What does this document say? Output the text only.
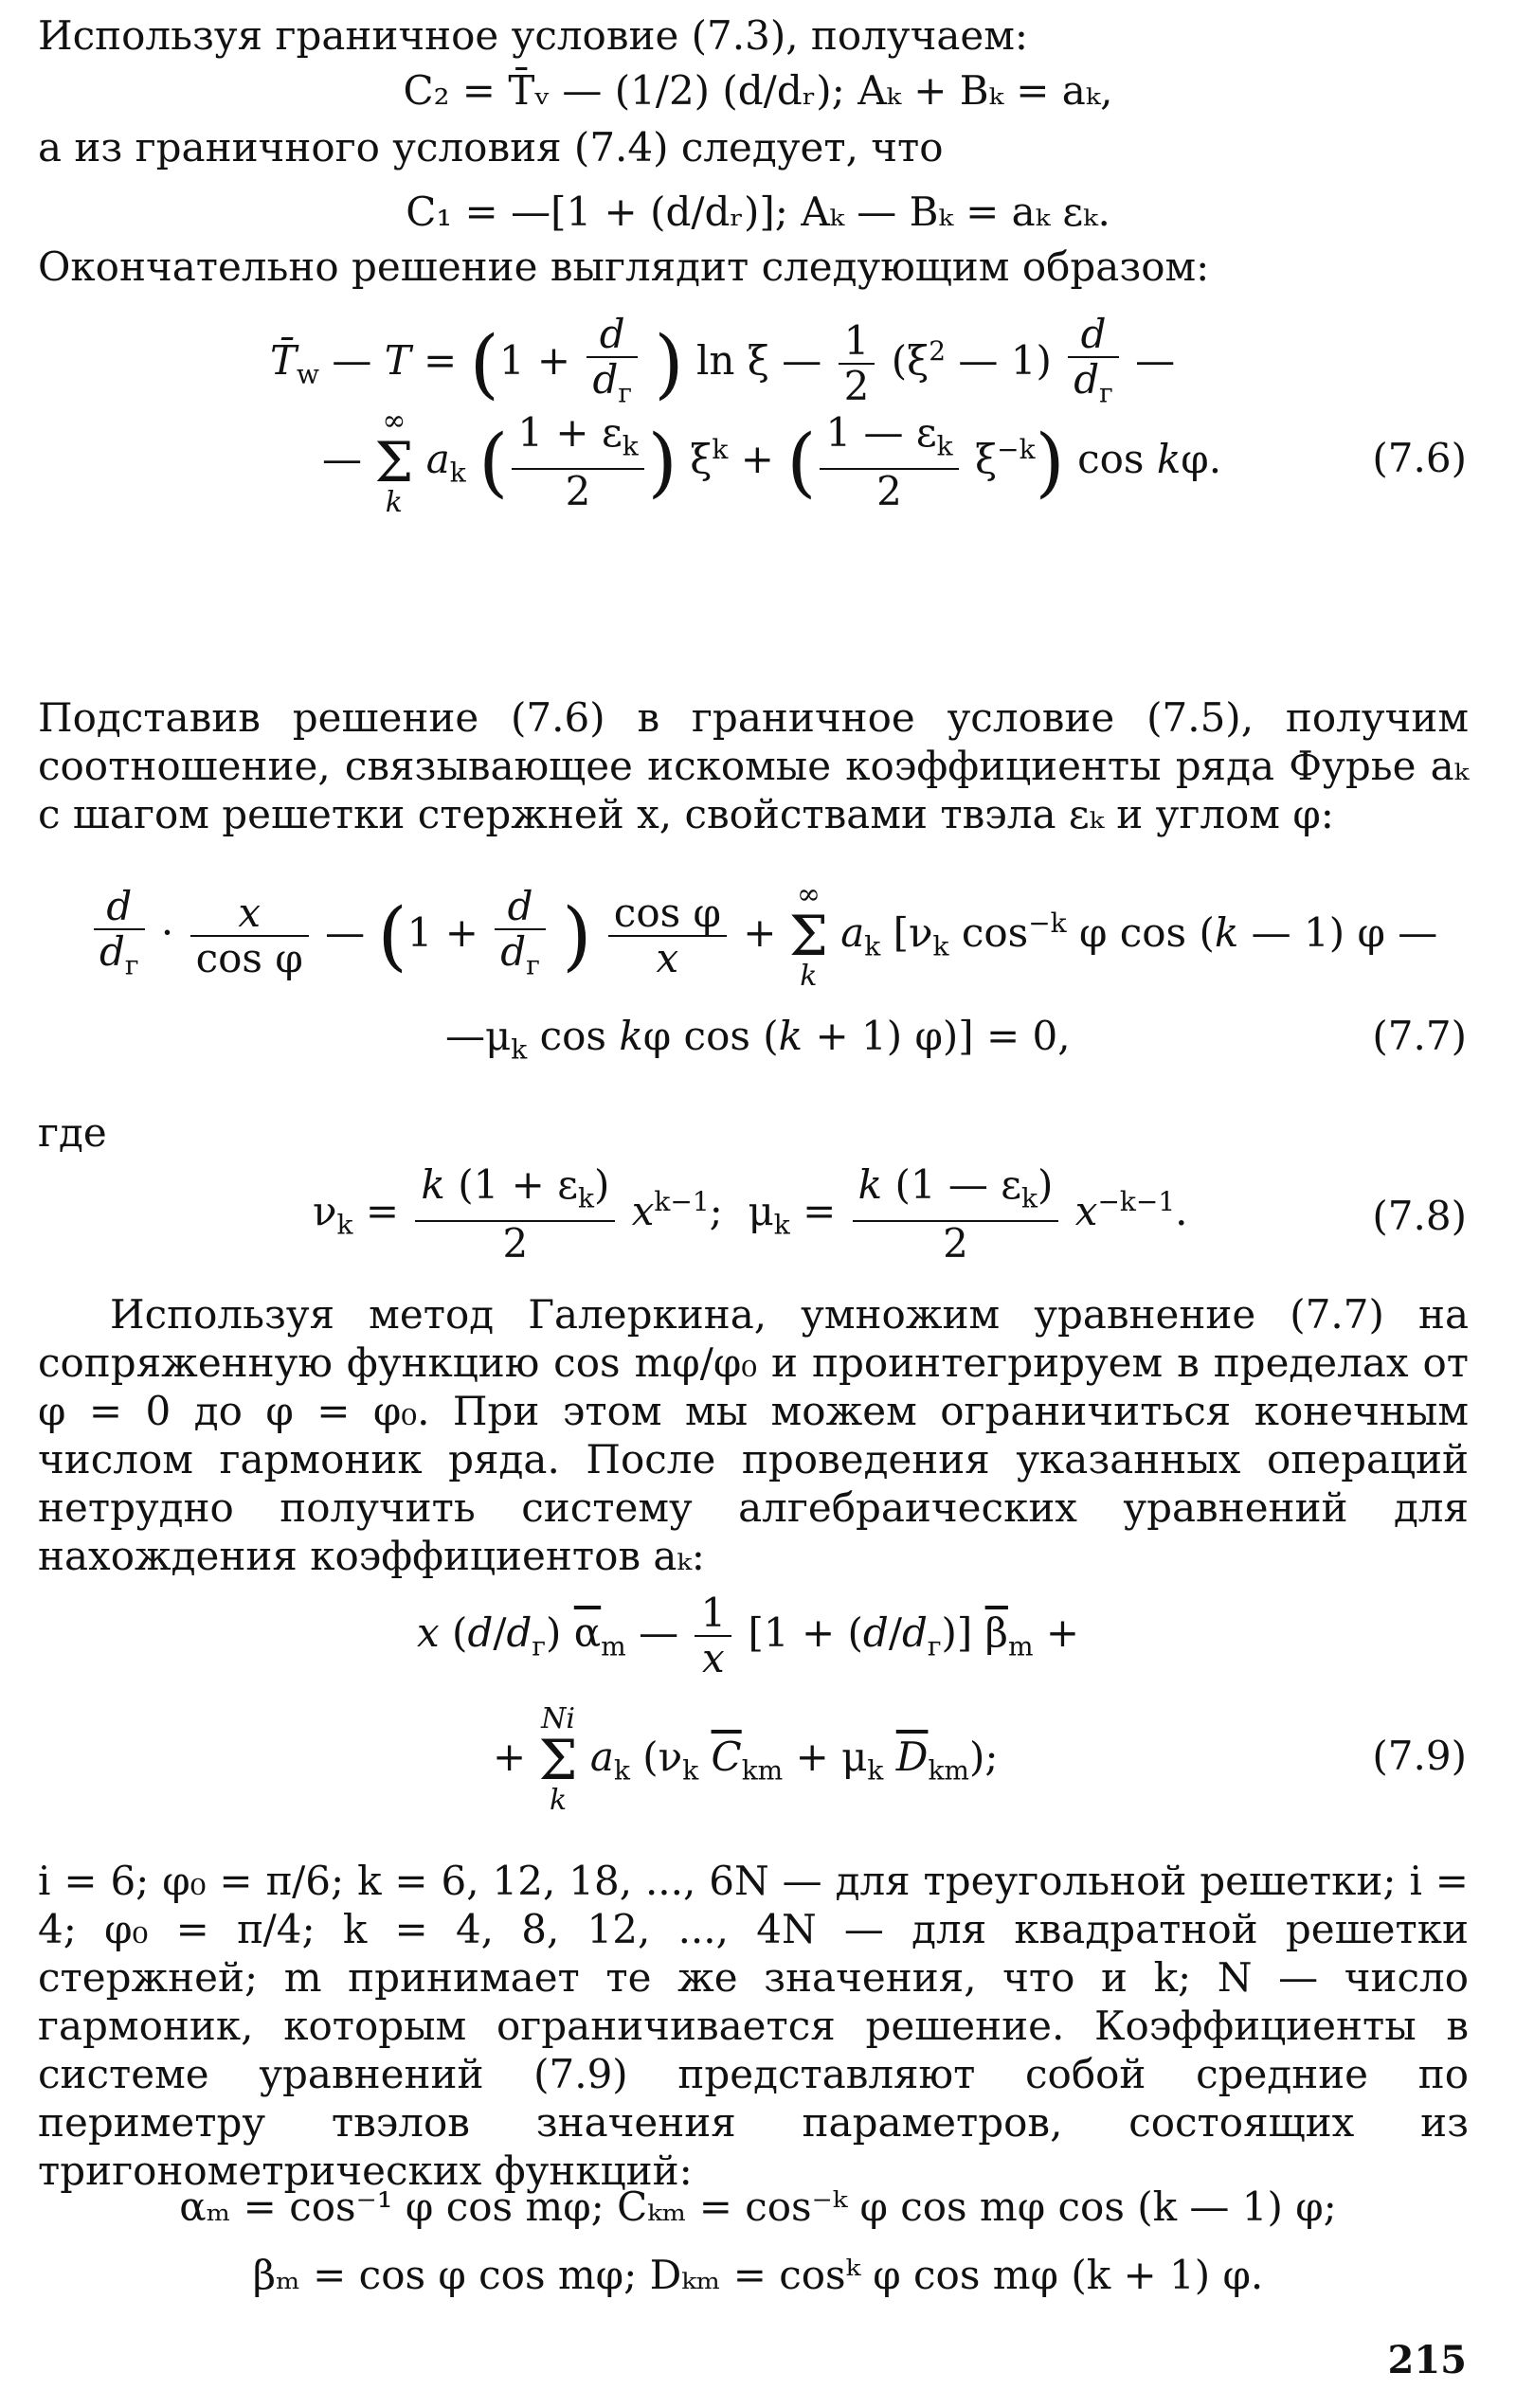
Используя граничное условие (7.3), получаем:
C₂ = T̄ᵥ — (1/2) (d/dᵣ); Aₖ + Bₖ = aₖ,
а из граничного условия (7.4) следует, что
C₁ = —[1 + (d/dᵣ)]; Aₖ — Bₖ = aₖ εₖ.
Окончательно решение выглядит следующим образом:
$T̄_w$ — $T = (1 + \frac{d}{d_г}$ ) ln ξ — $\frac{1}{2} (\xi^2$ — $1) \frac{d}{d_г}$ —
—
∞
Σ
k
$a_k$ ( $\frac{1 + \varepsilon_k}{2}$ ) $\xi^k$ + ( $\frac{1 — \varepsilon_k}{2} \xi^{-k}$) cos kφ.	(7.6)
Подставив решение (7.6) в граничное условие (7.5), получим соотношение, связывающее искомые коэффициенты ряда Фурье aₖ с шагом решетки стержней x, свойствами твэла εₖ и углом φ:
$\frac{d}{d_г} \cdot \frac{x}{\text{cos φ}}$ — ($1 + \frac{d}{d_г}$ ) $\frac{\text{cos φ}}{x}$ +
∞
Σ
k
$a_k$ [$\nu_k$ $\cos^{-k} \varphi$ cos (k — 1) φ —
$—\mu_k$ cos kφ cos (k + 1) φ)] = 0,	(7.7)
где
$\nu_k = \frac{k (1 + \varepsilon_k)}{2} x^{k-1}$;  $\mu_k = \frac{k (1 — \varepsilon_k)}{2} x^{-k-1}$.	(7.8)
Используя метод Галеркина, умножим уравнение (7.7) на сопряженную функцию cos mφ/φ₀ и проинтегрируем в пределах от φ = 0 до φ = φ₀. При этом мы можем ограничиться конечным числом гармоник ряда. После проведения указанных операций нетрудно получить систему алгебраических уравнений для нахождения коэффициентов aₖ:
x $(d/d_г)$ $\overline{\alpha}_m$ — $\frac{1}{x} [1 + (d/d_г)] \overline{\beta}_m$ +
+
Ni
Σ
k
$a_k$ ($\nu_k$ $\overline{C}_{km} + \mu_k$ $\overline{D}_{km}$);	(7.9)
i = 6; φ₀ = π/6; k = 6, 12, 18, ..., 6N — для треугольной решетки; i = 4; φ₀ = π/4; k = 4, 8, 12, ..., 4N — для квадратной решетки стержней; m принимает те же значения, что и k; N — число гармоник, которым ограничивается решение. Коэффициенты в системе уравнений (7.9) представляют собой средние по периметру твэлов значения параметров, состоящих из тригонометрических функций:
αₘ = cos⁻¹ φ cos mφ; Cₖₘ = cos⁻ᵏ φ cos mφ cos (k — 1) φ;
βₘ = cos φ cos mφ; Dₖₘ = cosᵏ φ cos mφ (k + 1) φ.
215
